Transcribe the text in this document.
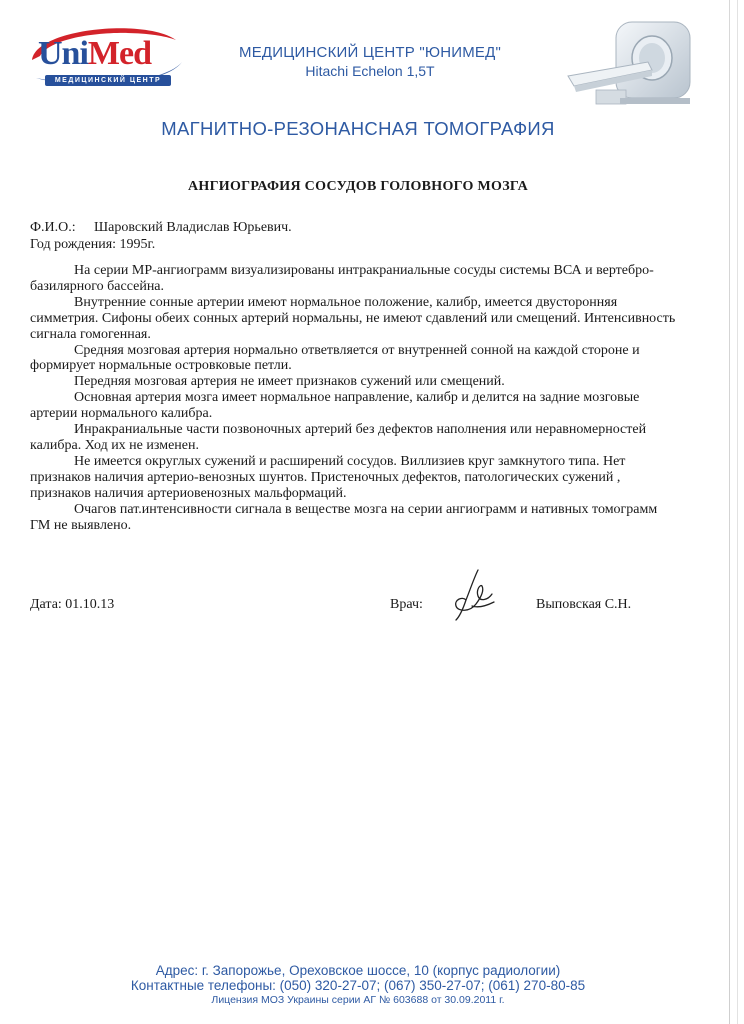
UniMed
МЕДИЦИНСКИЙ ЦЕНТР
МЕДИЦИНСКИЙ ЦЕНТР "ЮНИМЕД"
Hitachi Echelon 1,5T
МАГНИТНО-РЕЗОНАНСНАЯ ТОМОГРАФИЯ
АНГИОГРАФИЯ СОСУДОВ ГОЛОВНОГО МОЗГА
Ф.И.О.: Шаровский Владислав Юрьевич.
Год рождения: 1995г.

На серии МР-ангиограмм визуализированы интракраниальные сосуды системы ВСА и вертебро-базилярного бассейна.

Внутренние сонные артерии имеют нормальное положение, калибр, имеется двусторонняя симметрия. Сифоны обеих сонных артерий нормальны, не имеют сдавлений или смещений. Интенсивность сигнала гомогенная.

Средняя мозговая артерия нормально ответвляется от внутренней сонной на каждой стороне и формирует нормальные островковые петли.

Передняя мозговая артерия не имеет признаков сужений или смещений.

Основная артерия мозга имеет нормальное направление, калибр и делится на задние мозговые артерии нормального калибра.

Инракраниальные части позвоночных артерий без дефектов наполнения или неравномерностей калибра. Ход их не изменен.

Не имеется округлых сужений и расширений сосудов. Виллизиев круг замкнутого типа. Нет признаков наличия артерио-венозных шунтов. Пристеночных дефектов, патологических сужений , признаков наличия артериовенозных мальформаций.

Очагов пат.интенсивности сигнала в веществе мозга на серии ангиограмм и нативных томограмм ГМ не выявлено.

Дата: 01.10.13	Врач:	Выповская С.Н.
Адрес: г. Запорожье, Ореховское шоссе, 10 (корпус радиологии)
Контактные телефоны: (050) 320-27-07; (067) 350-27-07; (061) 270-80-85
Лицензия МОЗ Украины серии АГ № 603688 от 30.09.2011 г.
